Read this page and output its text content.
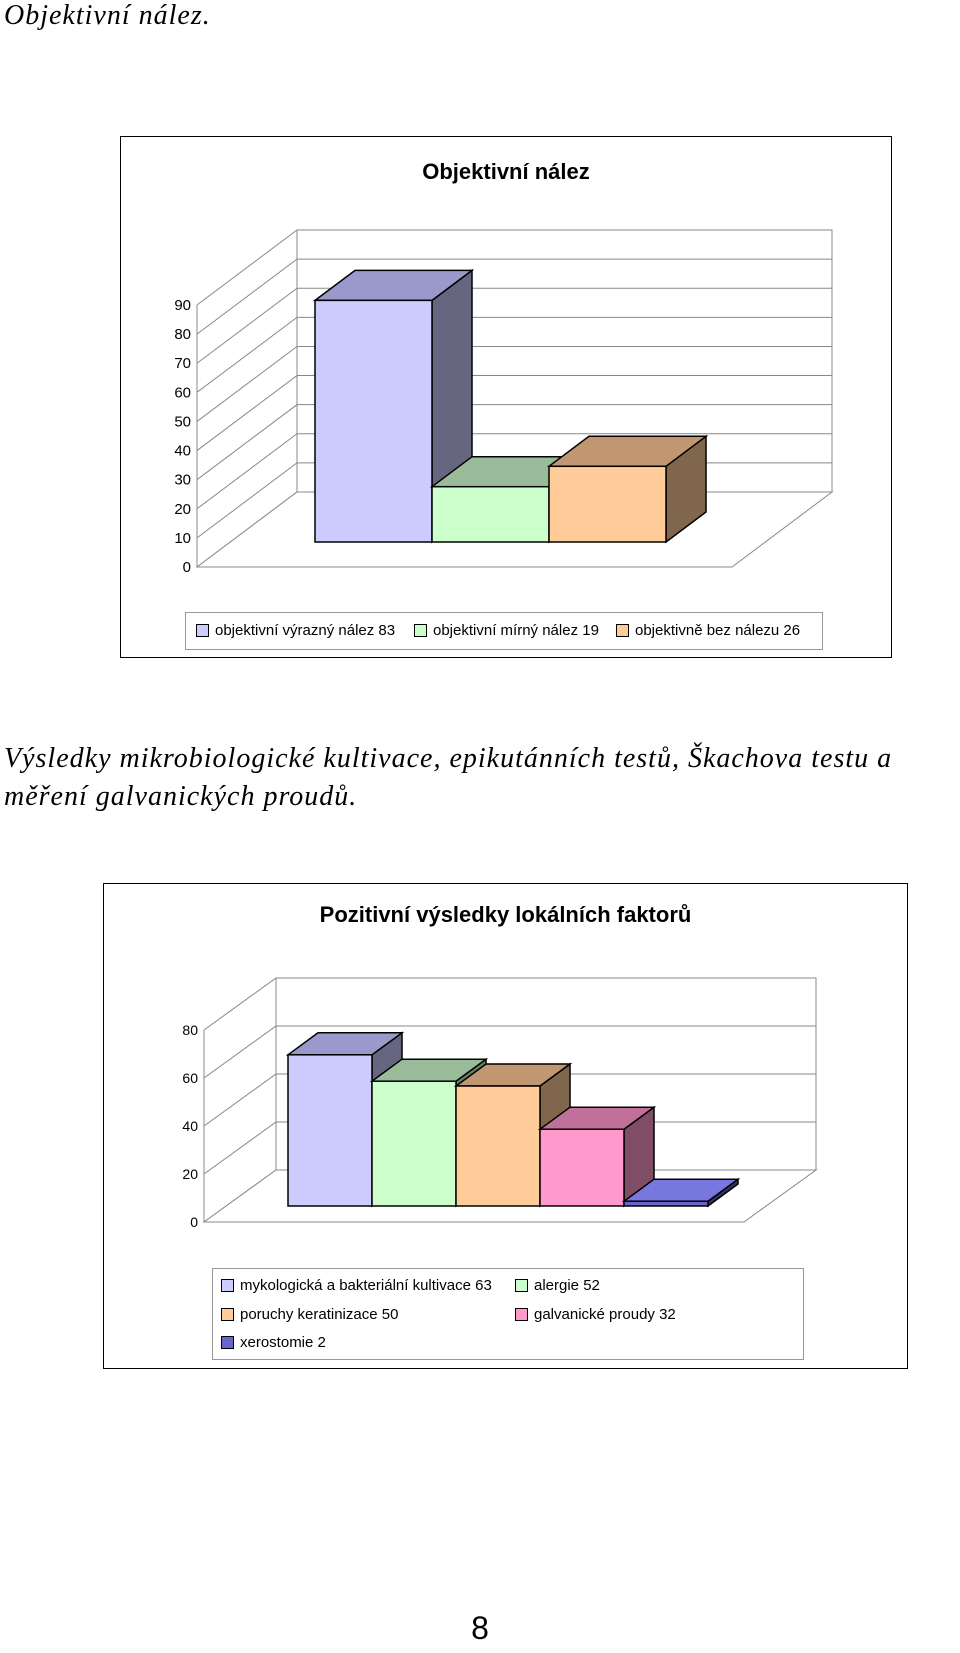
Objektivní nález.

Objektivní nález
0
10
20
30
40
50
60
70
80
90
objektivní výrazný nález 83	objektivní mírný nález 19 objektivně bez nálezu 26

Výsledky mikrobiologické kultivace, epikutánních testů, Škachova testu a měření galvanických proudů.

Pozitivní výsledky lokálních faktorů
0
20
40
60
80
mykologická a bakteriální kultivace 63	alergie 52
poruchy keratinizace 50	galvanické proudy 32
xerostomie 2
8
